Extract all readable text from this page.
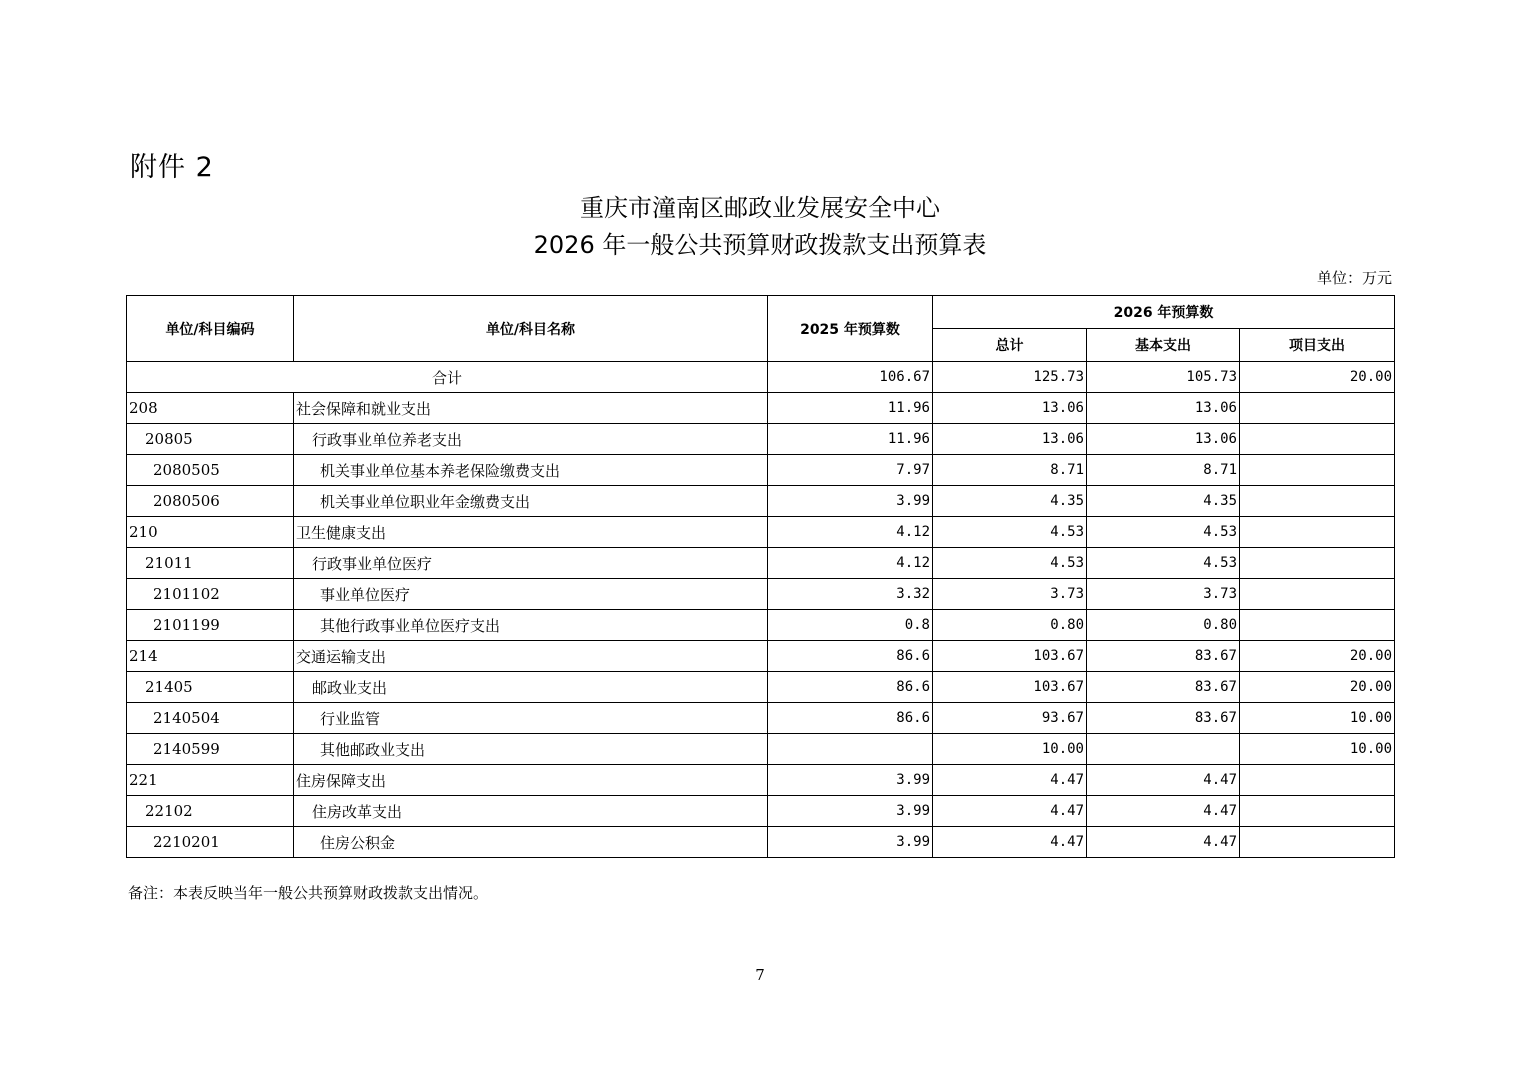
附件 2
重庆市潼南区邮政业发展安全中心
2026 年一般公共预算财政拨款支出预算表
单位：万元
单位/科目编码	单位/科目名称	2025 年预算数	2026 年预算数		
			总计	基本支出	项目支出
合计		106.67	125.73	105.73	20.00
208	社会保障和就业支出	11.96	13.06	13.06	
20805	行政事业单位养老支出	11.96	13.06	13.06	
2080505	机关事业单位基本养老保险缴费支出	7.97	8.71	8.71	
2080506	机关事业单位职业年金缴费支出	3.99	4.35	4.35	
210	卫生健康支出	4.12	4.53	4.53	
21011	行政事业单位医疗	4.12	4.53	4.53	
2101102	事业单位医疗	3.32	3.73	3.73	
2101199	其他行政事业单位医疗支出	0.8	0.80	0.80	
214	交通运输支出	86.6	103.67	83.67	20.00
21405	邮政业支出	86.6	103.67	83.67	20.00
2140504	行业监管	86.6	93.67	83.67	10.00
2140599	其他邮政业支出		10.00		10.00
221	住房保障支出	3.99	4.47	4.47	
22102	住房改革支出	3.99	4.47	4.47	
2210201	住房公积金	3.99	4.47	4.47	
备注：本表反映当年一般公共预算财政拨款支出情况。
7
